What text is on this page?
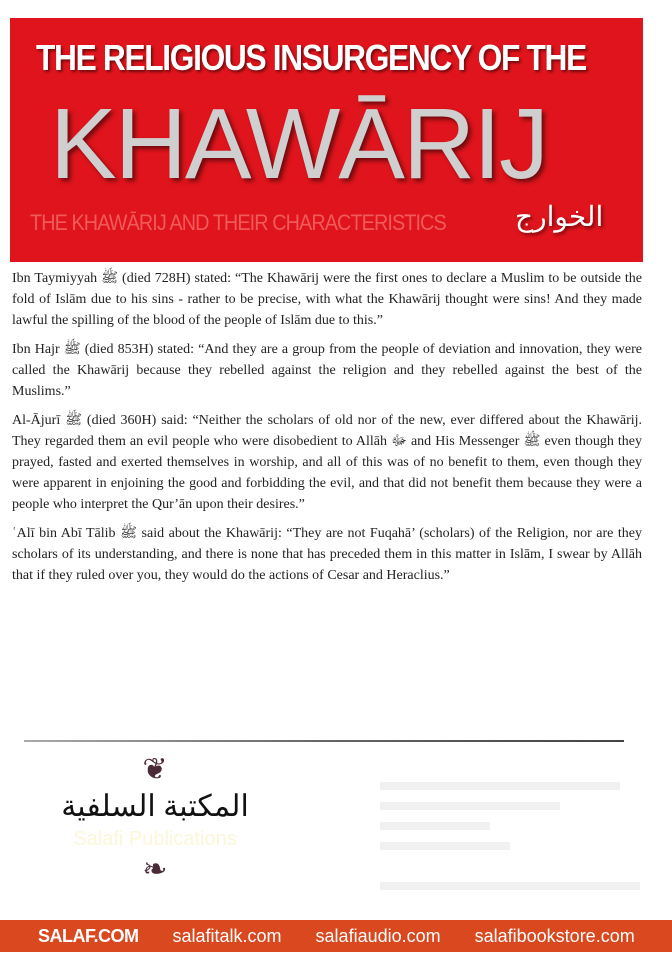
THE RELIGIOUS INSURGENCY OF THE
KHAWĀRIJ
THE KHAWĀRIJ AND THEIR CHARACTERISTICS الخوارج

Ibn Taymiyyah ﷺ (died 728H) stated: “The Khawārij were the first ones to declare a Muslim to be outside the fold of Islām due to his sins - rather to be precise, with what the Khawārij thought were sins! And they made lawful the spilling of the blood of the people of Islām due to this.”

Ibn Hajr ﷺ (died 853H) stated: “And they are a group from the people of deviation and innovation, they were called the Khawārij because they rebelled against the religion and they rebelled against the best of the Muslims.”

Al-Ājurī ﷺ (died 360H) said: “Neither the scholars of old nor of the new, ever differed about the Khawārij. They regarded them an evil people who were disobedient to Allāh ﷻ and His Messenger ﷺ even though they prayed, fasted and exerted themselves in worship, and all of this was of no benefit to them, even though they were apparent in enjoining the good and forbidding the evil, and that did not benefit them because they were a people who interpret the Qur’ān upon their desires.”

ʿAlī bin Abī Tālib ﷺ said about the Khawārij: “They are not Fuqahā’ (scholars) of the Religion, nor are they scholars of its understanding, and there is none that has preceded them in this matter in Islām, I swear by Allāh that if they ruled over you, they would do the actions of Cesar and Heraclius.”

❦
المكتبة السلفية
Salafi Publications
❧
SALAF.COM salafitalk.com salafiaudio.com salafibookstore.com
